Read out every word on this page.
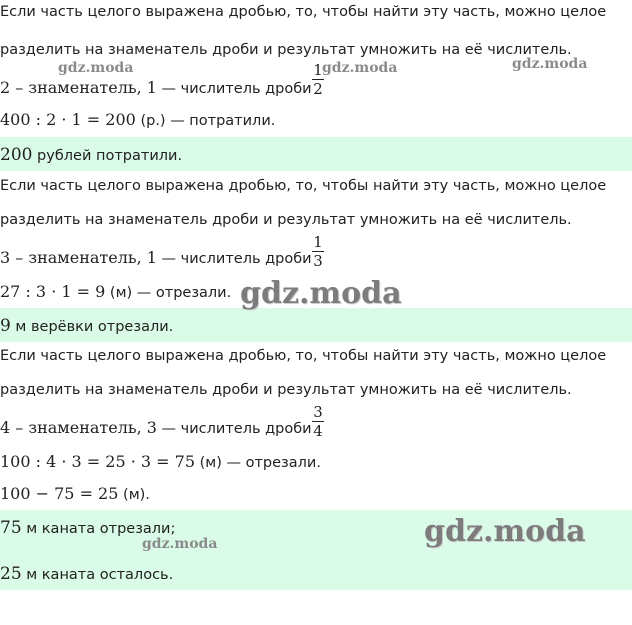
Если часть целого выражена дробью, то, чтобы найти эту часть, можно целое
разделить на знаменатель дроби и результат умножить на её числитель.
2 – знаменатель, 1 — числитель дроби
1
2
400 : 2 · 1 = 200 (р.) — потратили.
200 рублей потратили.
Если часть целого выражена дробью, то, чтобы найти эту часть, можно целое
разделить на знаменатель дроби и результат умножить на её числитель.
3 – знаменатель, 1 — числитель дроби
1
3
27 : 3 · 1 = 9 (м) — отрезали.
9 м верёвки отрезали.
Если часть целого выражена дробью, то, чтобы найти эту часть, можно целое
разделить на знаменатель дроби и результат умножить на её числитель.
4 – знаменатель, 3 — числитель дроби
3
4
100 : 4 · 3 = 25 · 3 = 75 (м) — отрезали.
100 − 75 = 25 (м).
75 м каната отрезали;
25 м каната осталось.
gdz.moda	gdz.moda	gdz.moda
gdz.moda
gdz.moda
gdz.moda
